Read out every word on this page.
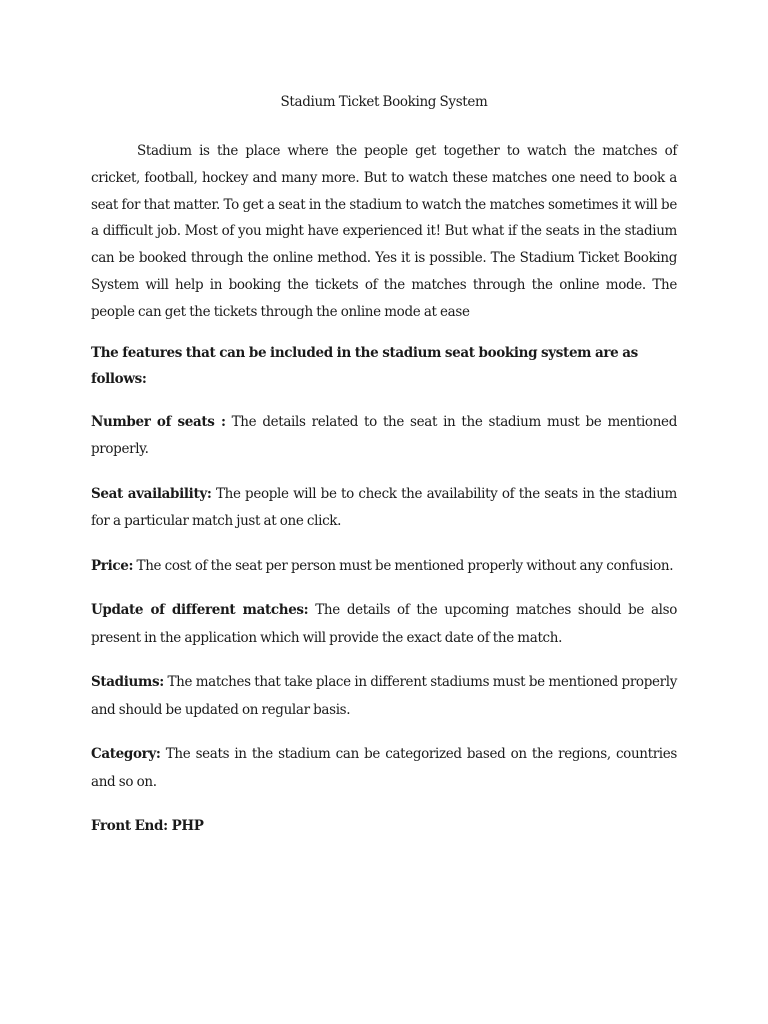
Stadium Ticket Booking System

Stadium is the place where the people get together to watch the matches of cricket, football, hockey and many more. But to watch these matches one need to book a seat for that matter. To get a seat in the stadium to watch the matches sometimes it will be a difficult job. Most of you might have experienced it! But what if the seats in the stadium can be booked through the online method. Yes it is possible. The Stadium Ticket Booking System will help in booking the tickets of the matches through the online mode. The people can get the tickets through the online mode at ease

The features that can be included in the stadium seat booking system are as follows:

Number of seats : The details related to the seat in the stadium must be mentioned properly.

Seat availability: The people will be to check the availability of the seats in the stadium for a particular match just at one click.

Price: The cost of the seat per person must be mentioned properly without any confusion.

Update of different matches: The details of the upcoming matches should be also present in the application which will provide the exact date of the match.

Stadiums: The matches that take place in different stadiums must be mentioned properly and should be updated on regular basis.

Category: The seats in the stadium can be categorized based on the regions, countries and so on.

Front End: PHP
